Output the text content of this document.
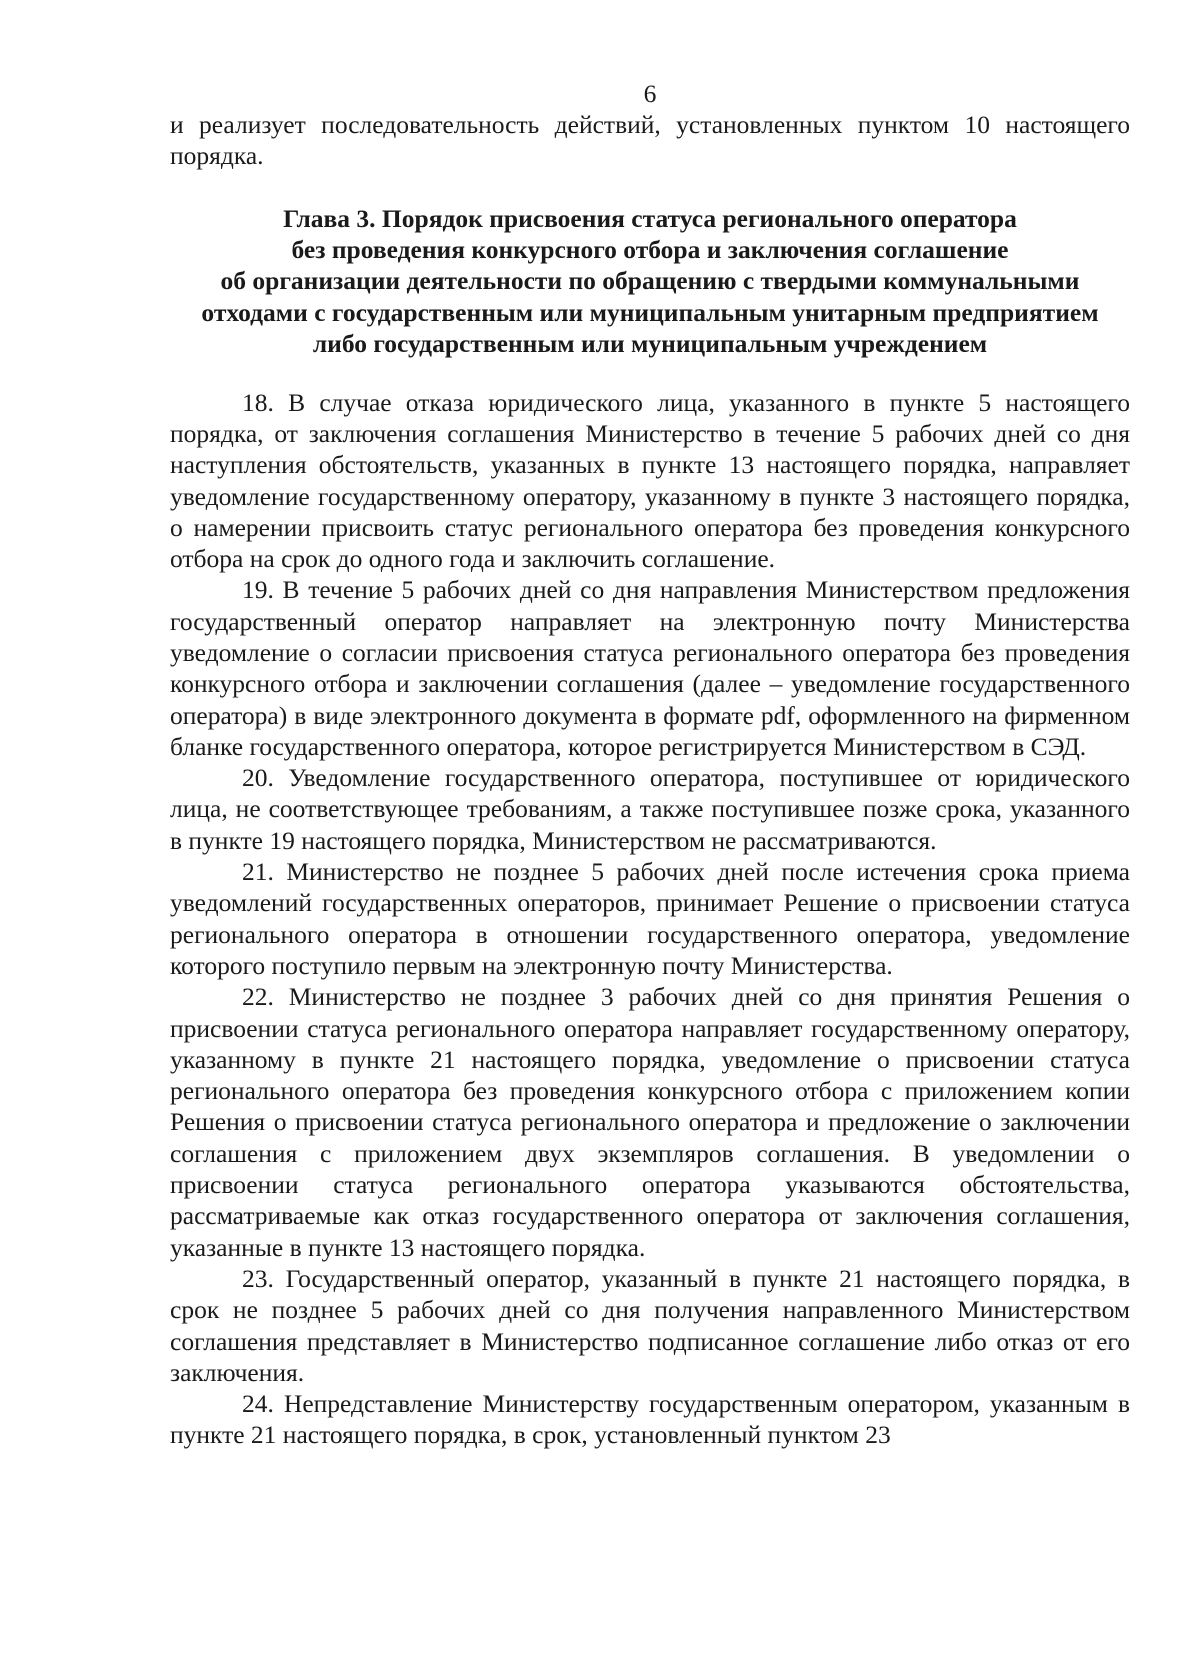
6

и реализует последовательность действий, установленных пунктом 10 настоящего порядка.

Глава 3. Порядок присвоения статуса регионального оператора
без проведения конкурсного отбора и заключения соглашение
об организации деятельности по обращению с твердыми коммунальными
отходами с государственным или муниципальным унитарным предприятием
либо государственным или муниципальным учреждением

18. В случае отказа юридического лица, указанного в пункте 5 настоящего порядка, от заключения соглашения Министерство в течение 5 рабочих дней со дня наступления обстоятельств, указанных в пункте 13 настоящего порядка, направляет уведомление государственному оператору, указанному в пункте 3 настоящего порядка, о намерении присвоить статус регионального оператора без проведения конкурсного отбора на срок до одного года и заключить соглашение.

19. В течение 5 рабочих дней со дня направления Министерством предложения государственный оператор направляет на электронную почту Министерства уведомление о согласии присвоения статуса регионального оператора без проведения конкурсного отбора и заключении соглашения (далее – уведомление государственного оператора) в виде электронного документа в формате pdf, оформленного на фирменном бланке государственного оператора, которое регистрируется Министерством в СЭД.

20. Уведомление государственного оператора, поступившее от юридического лица, не соответствующее требованиям, а также поступившее позже срока, указанного в пункте 19 настоящего порядка, Министерством не рассматриваются.

21. Министерство не позднее 5 рабочих дней после истечения срока приема уведомлений государственных операторов, принимает Решение о присвоении статуса регионального оператора в отношении государственного оператора, уведомление которого поступило первым на электронную почту Министерства.

22. Министерство не позднее 3 рабочих дней со дня принятия Решения о присвоении статуса регионального оператора направляет государственному оператору, указанному в пункте 21 настоящего порядка, уведомление о присвоении статуса регионального оператора без проведения конкурсного отбора с приложением копии Решения о присвоении статуса регионального оператора и предложение о заключении соглашения с приложением двух экземпляров соглашения. В уведомлении о присвоении статуса регионального оператора указываются обстоятельства, рассматриваемые как отказ государственного оператора от заключения соглашения, указанные в пункте 13 настоящего порядка.

23. Государственный оператор, указанный в пункте 21 настоящего порядка, в срок не позднее 5 рабочих дней со дня получения направленного Министерством соглашения представляет в Министерство подписанное соглашение либо отказ от его заключения.

24. Непредставление Министерству государственным оператором, указанным в пункте 21 настоящего порядка, в срок, установленный пунктом 23
